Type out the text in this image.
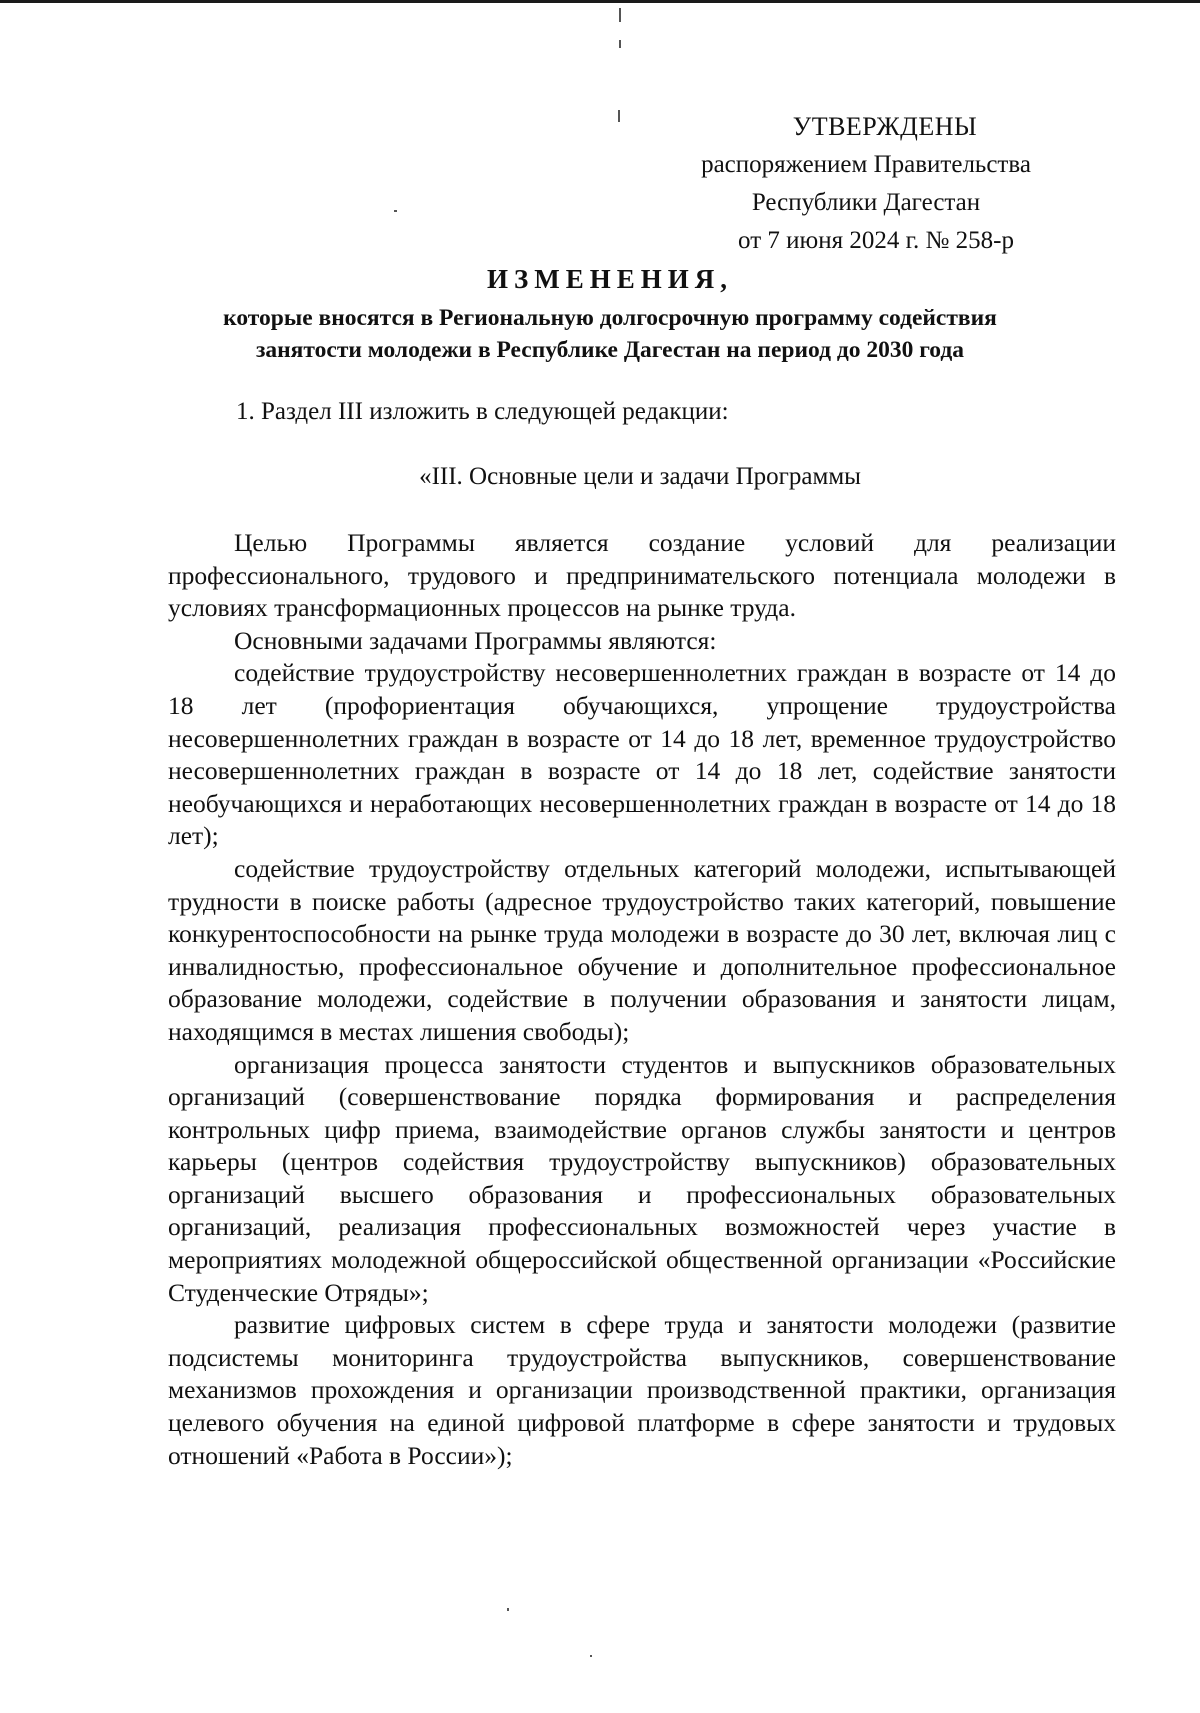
УТВЕРЖДЕНЫ
распоряжением Правительства
Республики Дагестан
от 7 июня 2024 г. № 258-р
ИЗМЕНЕНИЯ,
которые вносятся в Региональную долгосрочную программу содействия
занятости молодежи в Республике Дагестан на период до 2030 года
1. Раздел III изложить в следующей редакции:
«III. Основные цели и задачи Программы

Целью Программы является создание условий для реализации профессионального, трудового и предпринимательского потенциала молодежи в условиях трансформационных процессов на рынке труда.

Основными задачами Программы являются:

содействие трудоустройству несовершеннолетних граждан в возрасте от 14 до 18 лет (профориентация обучающихся, упрощение трудоустройства несовершеннолетних граждан в возрасте от 14 до 18 лет, временное трудоустройство несовершеннолетних граждан в возрасте от 14 до 18 лет, содействие занятости необучающихся и неработающих несовершеннолетних граждан в возрасте от 14 до 18 лет);

содействие трудоустройству отдельных категорий молодежи, испытывающей трудности в поиске работы (адресное трудоустройство таких категорий, повышение конкурентоспособности на рынке труда молодежи в возрасте до 30 лет, включая лиц с инвалидностью, профессиональное обучение и дополнительное профессиональное образование молодежи, содействие в получении образования и занятости лицам, находящимся в местах лишения свободы);

организация процесса занятости студентов и выпускников образовательных организаций (совершенствование порядка формирования и распределения контрольных цифр приема, взаимодействие органов службы занятости и центров карьеры (центров содействия трудоустройству выпускников) образовательных организаций высшего образования и профессиональных образовательных организаций, реализация профессиональных возможностей через участие в мероприятиях молодежной общероссийской общественной организации «Российские Студенческие Отряды»;

развитие цифровых систем в сфере труда и занятости молодежи (развитие подсистемы мониторинга трудоустройства выпускников, совершенствование механизмов прохождения и организации производственной практики, организация целевого обучения на единой цифровой платформе в сфере занятости и трудовых отношений «Работа в России»);
